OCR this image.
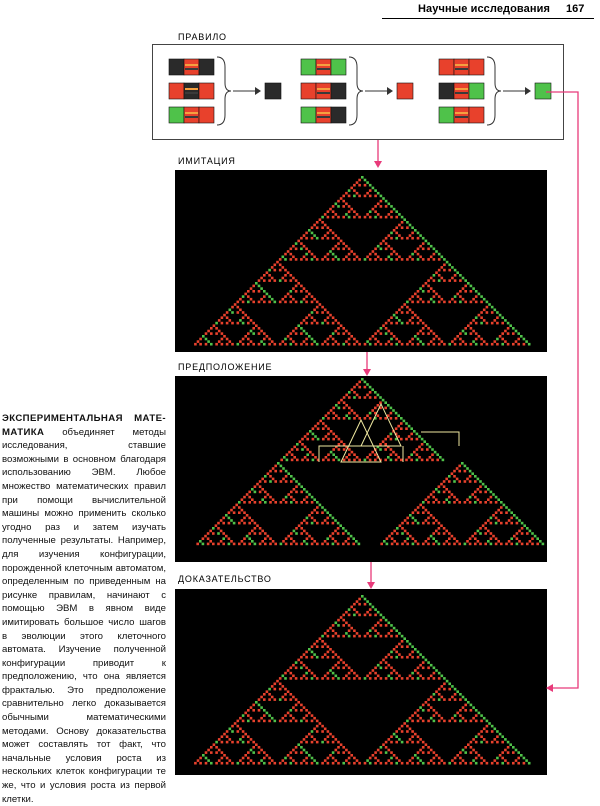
Научные исследования 167
ПРАВИЛО
ИМИТАЦИЯ
ПРЕДПОЛОЖЕНИЕ
ДОКАЗАТЕЛЬСТВО
ЭКСПЕРИМЕНТАЛЬНАЯ МАТЕ-МАТИКА объединяет методы исследования, ставшие возможными в основном благодаря использованию ЭВМ. Любое множество математических правил при помощи вычислительной машины можно применить сколько угодно раз и затем изучать полученные результаты. Например, для изучения конфигурации, порожденной клеточным автоматом, определенным по приведенным на рисунке правилам, начинают с помощью ЭВМ в явном виде имитировать большое число шагов в эволюции этого клеточного автомата. Изучение полученной конфигурации приводит к предположению, что она является фракталью. Это предположение сравнительно легко доказывается обычными математическими методами. Основу доказательства может составлять тот факт, что начальные условия роста из нескольких клеток конфигурации те же, что и условия роста из первой клетки.
